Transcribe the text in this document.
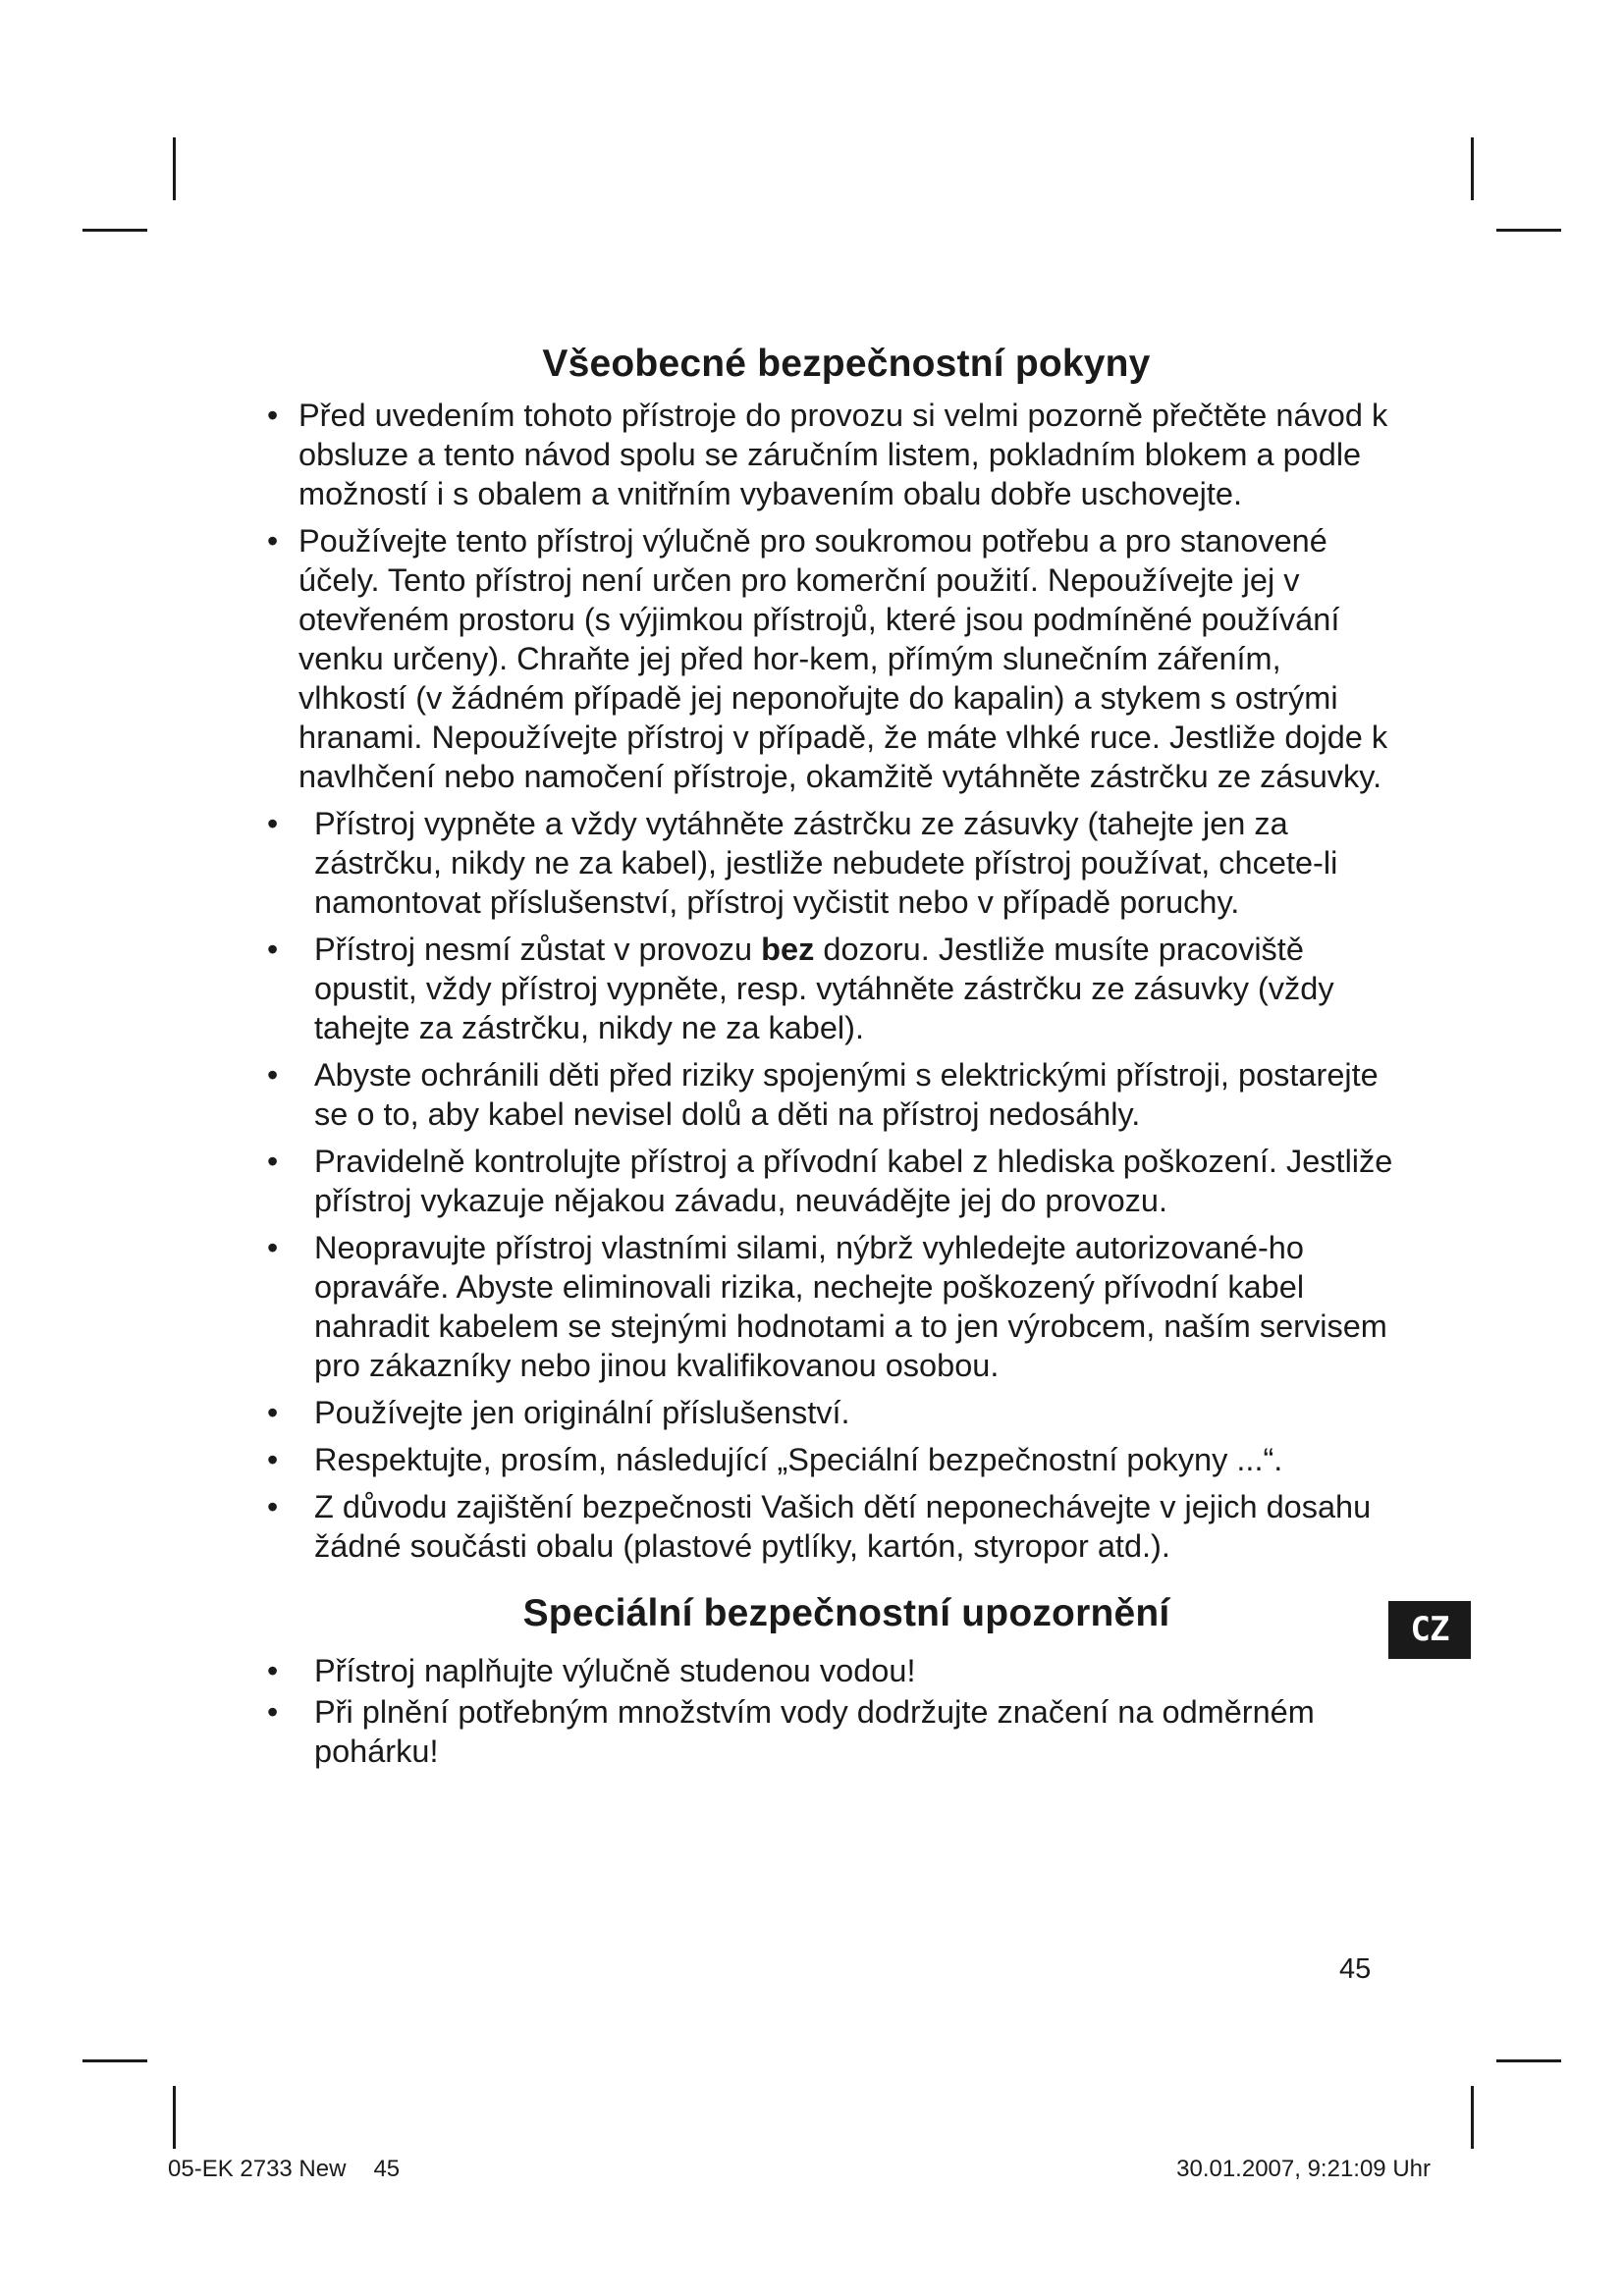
Všeobecné bezpečnostní pokyny
• Před uvedením tohoto přístroje do provozu si velmi pozorně přečtěte návod k obsluze a tento návod spolu se záručním listem, pokladním blokem a podle možností i s obalem a vnitřním vybavením obalu dobře uschovejte.
• Používejte tento přístroj výlučně pro soukromou potřebu a pro stanovené účely. Tento přístroj není určen pro komerční použití. Nepoužívejte jej v otevřeném prostoru (s výjimkou přístrojů, které jsou podmíněné používání venku určeny). Chraňte jej před hor-kem, přímým slunečním zářením, vlhkostí (v žádném případě jej neponořujte do kapalin) a stykem s ostrými hranami. Nepoužívejte přístroj v případě, že máte vlhké ruce. Jestliže dojde k navlhčení nebo namočení přístroje, okamžitě vytáhněte zástrčku ze zásuvky.
• Přístroj vypněte a vždy vytáhněte zástrčku ze zásuvky (tahejte jen za zástrčku, nikdy ne za kabel), jestliže nebudete přístroj používat, chcete-li namontovat příslušenství, přístroj vyčistit nebo v případě poruchy.
• Přístroj nesmí zůstat v provozu bez dozoru. Jestliže musíte pracoviště opustit, vždy přístroj vypněte, resp. vytáhněte zástrčku ze zásuvky (vždy tahejte za zástrčku, nikdy ne za kabel).
• Abyste ochránili děti před riziky spojenými s elektrickými přístroji, postarejte se o to, aby kabel nevisel dolů a děti na přístroj nedosáhly.
• Pravidelně kontrolujte přístroj a přívodní kabel z hlediska poškození. Jestliže přístroj vykazuje nějakou závadu, neuvádějte jej do provozu.
• Neopravujte přístroj vlastními silami, nýbrž vyhledejte autorizované-ho opraváře. Abyste eliminovali rizika, nechejte poškozený přívodní kabel nahradit kabelem se stejnými hodnotami a to jen výrobcem, naším servisem pro zákazníky nebo jinou kvalifikovanou osobou.
• Používejte jen originální příslušenství.
• Respektujte, prosím, následující „Speciální bezpečnostní pokyny ...“.
• Z důvodu zajištění bezpečnosti Vašich dětí neponechávejte v jejich dosahu žádné součásti obalu (plastové pytlíky, kartón, styropor atd.).
Speciální bezpečnostní upozornění
• Přístroj naplňujte výlučně studenou vodou!
• Při plnění potřebným množstvím vody dodržujte značení na odměrném pohárku!
CZ
45
05-EK 2733 New 45	30.01.2007, 9:21:09 Uhr
